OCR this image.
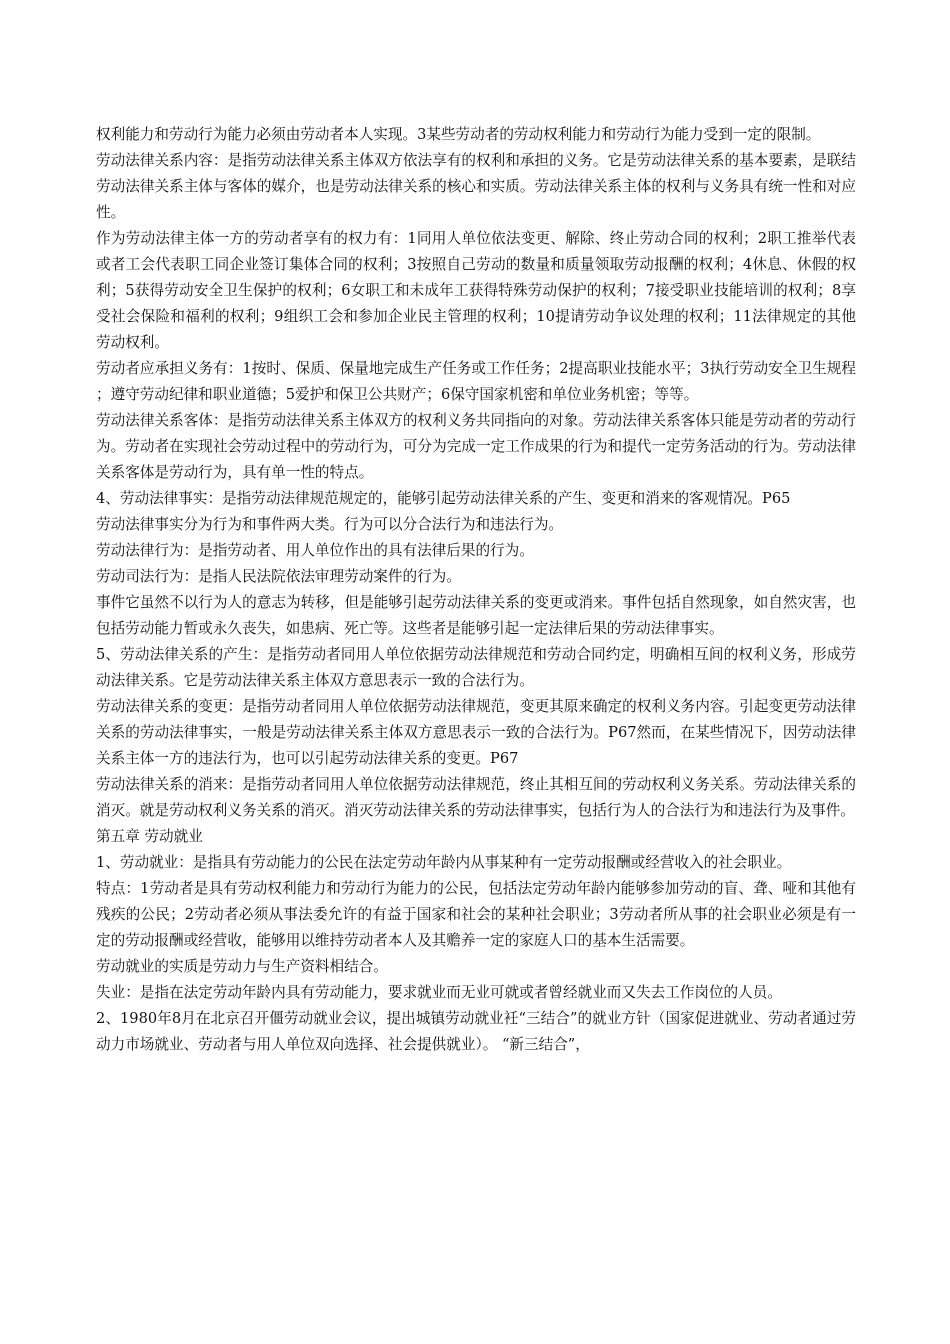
权利能力和劳动行为能力必须由劳动者本人实现。3某些劳动者的劳动权利能力和劳动行为能力受到一定的限制。

劳动法律关系内容：是指劳动法律关系主体双方依法享有的权利和承担的义务。它是劳动法律关系的基本要素，是联结劳动法律关系主体与客体的媒介，也是劳动法律关系的核心和实质。劳动法律关系主体的权利与义务具有统一性和对应性。

作为劳动法律主体一方的劳动者享有的权力有：1同用人单位依法变更、解除、终止劳动合同的权利；2职工推举代表或者工会代表职工同企业签订集体合同的权利；3按照自己劳动的数量和质量领取劳动报酬的权利；4休息、休假的权利；5获得劳动安全卫生保护的权利；6女职工和未成年工获得特殊劳动保护的权利；7接受职业技能培训的权利；8享受社会保险和福利的权利；9组织工会和参加企业民主管理的权利；10提请劳动争议处理的权利；11法律规定的其他劳动权利。

劳动者应承担义务有：1按时、保质、保量地完成生产任务或工作任务；2提高职业技能水平；3执行劳动安全卫生规程；遵守劳动纪律和职业道德；5爱护和保卫公共财产；6保守国家机密和单位业务机密；等等。

劳动法律关系客体：是指劳动法律关系主体双方的权利义务共同指向的对象。劳动法律关系客体只能是劳动者的劳动行为。劳动者在实现社会劳动过程中的劳动行为，可分为完成一定工作成果的行为和提代一定劳务活动的行为。劳动法律关系客体是劳动行为，具有单一性的特点。

4、劳动法律事实：是指劳动法律规范规定的，能够引起劳动法律关系的产生、变更和消来的客观情况。P65

劳动法律事实分为行为和事件两大类。行为可以分合法行为和违法行为。

劳动法律行为：是指劳动者、用人单位作出的具有法律后果的行为。

劳动司法行为：是指人民法院依法审理劳动案件的行为。

事件它虽然不以行为人的意志为转移，但是能够引起劳动法律关系的变更或消来。事件包括自然现象，如自然灾害，也包括劳动能力暂或永久丧失，如患病、死亡等。这些者是能够引起一定法律后果的劳动法律事实。

5、劳动法律关系的产生：是指劳动者同用人单位依据劳动法律规范和劳动合同约定，明确相互间的权利义务，形成劳动法律关系。它是劳动法律关系主体双方意思表示一致的合法行为。

劳动法律关系的变更：是指劳动者同用人单位依据劳动法律规范，变更其原来确定的权利义务内容。引起变更劳动法律关系的劳动法律事实，一般是劳动法律关系主体双方意思表示一致的合法行为。P67然而，在某些情况下，因劳动法律关系主体一方的违法行为，也可以引起劳动法律关系的变更。P67

劳动法律关系的消来：是指劳动者同用人单位依据劳动法律规范，终止其相互间的劳动权利义务关系。劳动法律关系的消灭。就是劳动权利义务关系的消灭。消灭劳动法律关系的劳动法律事实，包括行为人的合法行为和违法行为及事件。

第五章 劳动就业

1、劳动就业：是指具有劳动能力的公民在法定劳动年龄内从事某种有一定劳动报酬或经营收入的社会职业。

特点：1劳动者是具有劳动权利能力和劳动行为能力的公民，包括法定劳动年龄内能够参加劳动的盲、聋、哑和其他有残疾的公民；2劳动者必须从事法委允许的有益于国家和社会的某种社会职业；3劳动者所从事的社会职业必须是有一定的劳动报酬或经营收，能够用以维持劳动者本人及其赡养一定的家庭人口的基本生活需要。

劳动就业的实质是劳动力与生产资料相结合。

失业：是指在法定劳动年龄内具有劳动能力，要求就业而无业可就或者曾经就业而又失去工作岗位的人员。

2、1980年8月在北京召开僵劳动就业会议，提出城镇劳动就业衽“三结合”的就业方针（国家促进就业、劳动者通过劳动力市场就业、劳动者与用人单位双向选择、社会提供就业）。 “新三结合”，
